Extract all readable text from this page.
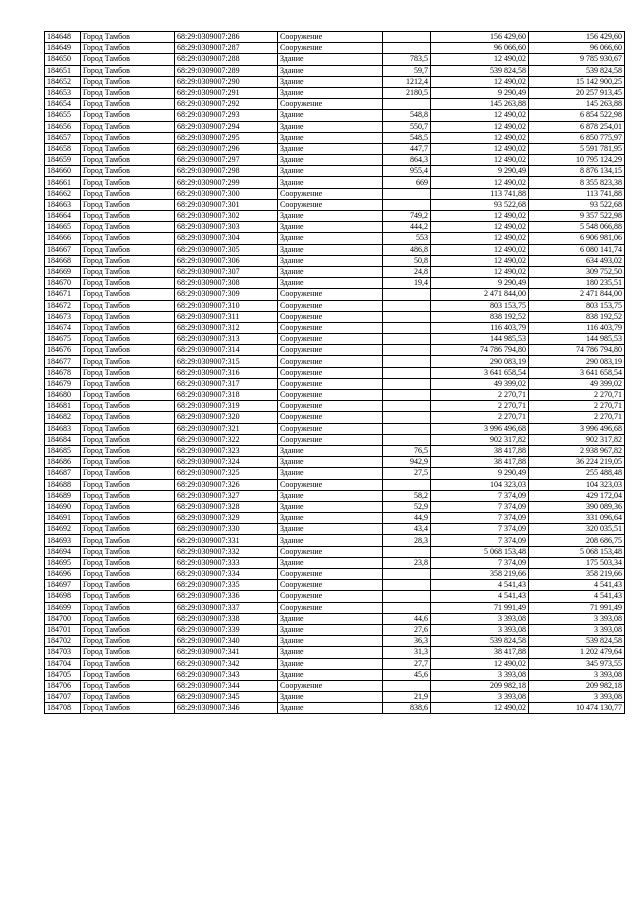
184648	Город Тамбов	68:29:0309007:286	Сооружение		156 429,60	156 429,60
184649	Город Тамбов	68:29:0309007:287	Сооружение		96 066,60	96 066,60
184650	Город Тамбов	68:29:0309007:288	Здание	783,5	12 490,02	9 785 930,67
184651	Город Тамбов	68:29:0309007:289	Здание	59,7	539 824,58	539 824,58
184652	Город Тамбов	68:29:0309007:290	Здание	1212,4	12 490,02	15 142 900,25
184653	Город Тамбов	68:29:0309007:291	Здание	2180,5	9 290,49	20 257 913,45
184654	Город Тамбов	68:29:0309007:292	Сооружение		145 263,88	145 263,88
184655	Город Тамбов	68:29:0309007:293	Здание	548,8	12 490,02	6 854 522,98
184656	Город Тамбов	68:29:0309007:294	Здание	550,7	12 490,02	6 878 254,01
184657	Город Тамбов	68:29:0309007:295	Здание	548,5	12 490,02	6 850 775,97
184658	Город Тамбов	68:29:0309007:296	Здание	447,7	12 490,02	5 591 781,95
184659	Город Тамбов	68:29:0309007:297	Здание	864,3	12 490,02	10 795 124,29
184660	Город Тамбов	68:29:0309007:298	Здание	955,4	9 290,49	8 876 134,15
184661	Город Тамбов	68:29:0309007:299	Здание	669	12 490,02	8 355 823,38
184662	Город Тамбов	68:29:0309007:300	Сооружение		113 741,88	113 741,88
184663	Город Тамбов	68:29:0309007:301	Сооружение		93 522,68	93 522,68
184664	Город Тамбов	68:29:0309007:302	Здание	749,2	12 490,02	9 357 522,98
184665	Город Тамбов	68:29:0309007:303	Здание	444,2	12 490,02	5 548 066,88
184666	Город Тамбов	68:29:0309007:304	Здание	553	12 490,02	6 906 981,06
184667	Город Тамбов	68:29:0309007:305	Здание	486,8	12 490,02	6 080 141,74
184668	Город Тамбов	68:29:0309007:306	Здание	50,8	12 490,02	634 493,02
184669	Город Тамбов	68:29:0309007:307	Здание	24,8	12 490,02	309 752,50
184670	Город Тамбов	68:29:0309007:308	Здание	19,4	9 290,49	180 235,51
184671	Город Тамбов	68:29:0309007:309	Сооружение		2 471 844,00	2 471 844,00
184672	Город Тамбов	68:29:0309007:310	Сооружение		803 153,75	803 153,75
184673	Город Тамбов	68:29:0309007:311	Сооружение		838 192,52	838 192,52
184674	Город Тамбов	68:29:0309007:312	Сооружение		116 403,79	116 403,79
184675	Город Тамбов	68:29:0309007:313	Сооружение		144 985,53	144 985,53
184676	Город Тамбов	68:29:0309007:314	Сооружение		74 786 794,80	74 786 794,80
184677	Город Тамбов	68:29:0309007:315	Сооружение		290 083,19	290 083,19
184678	Город Тамбов	68:29:0309007:316	Сооружение		3 641 658,54	3 641 658,54
184679	Город Тамбов	68:29:0309007:317	Сооружение		49 399,02	49 399,02
184680	Город Тамбов	68:29:0309007:318	Сооружение		2 270,71	2 270,71
184681	Город Тамбов	68:29:0309007:319	Сооружение		2 270,71	2 270,71
184682	Город Тамбов	68:29:0309007:320	Сооружение		2 270,71	2 270,71
184683	Город Тамбов	68:29:0309007:321	Сооружение		3 996 496,68	3 996 496,68
184684	Город Тамбов	68:29:0309007:322	Сооружение		902 317,82	902 317,82
184685	Город Тамбов	68:29:0309007:323	Здание	76,5	38 417,88	2 938 967,82
184686	Город Тамбов	68:29:0309007:324	Здание	942,9	38 417,88	36 224 219,05
184687	Город Тамбов	68:29:0309007:325	Здание	27,5	9 290,49	255 488,48
184688	Город Тамбов	68:29:0309007:326	Сооружение		104 323,03	104 323,03
184689	Город Тамбов	68:29:0309007:327	Здание	58,2	7 374,09	429 172,04
184690	Город Тамбов	68:29:0309007:328	Здание	52,9	7 374,09	390 089,36
184691	Город Тамбов	68:29:0309007:329	Здание	44,9	7 374,09	331 096,64
184692	Город Тамбов	68:29:0309007:330	Здание	43,4	7 374,09	320 035,51
184693	Город Тамбов	68:29:0309007:331	Здание	28,3	7 374,09	208 686,75
184694	Город Тамбов	68:29:0309007:332	Сооружение		5 068 153,48	5 068 153,48
184695	Город Тамбов	68:29:0309007:333	Здание	23,8	7 374,09	175 503,34
184696	Город Тамбов	68:29:0309007:334	Сооружение		358 219,66	358 219,66
184697	Город Тамбов	68:29:0309007:335	Сооружение		4 541,43	4 541,43
184698	Город Тамбов	68:29:0309007:336	Сооружение		4 541,43	4 541,43
184699	Город Тамбов	68:29:0309007:337	Сооружение		71 991,49	71 991,49
184700	Город Тамбов	68:29:0309007:338	Здание	44,6	3 393,08	3 393,08
184701	Город Тамбов	68:29:0309007:339	Здание	27,6	3 393,08	3 393,08
184702	Город Тамбов	68:29:0309007:340	Здание	36,3	539 824,58	539 824,58
184703	Город Тамбов	68:29:0309007:341	Здание	31,3	38 417,88	1 202 479,64
184704	Город Тамбов	68:29:0309007:342	Здание	27,7	12 490,02	345 973,55
184705	Город Тамбов	68:29:0309007:343	Здание	45,6	3 393,08	3 393,08
184706	Город Тамбов	68:29:0309007:344	Сооружение		209 982,18	209 982,18
184707	Город Тамбов	68:29:0309007:345	Здание	21,9	3 393,08	3 393,08
184708	Город Тамбов	68:29:0309007:346	Здание	838,6	12 490,02	10 474 130,77
